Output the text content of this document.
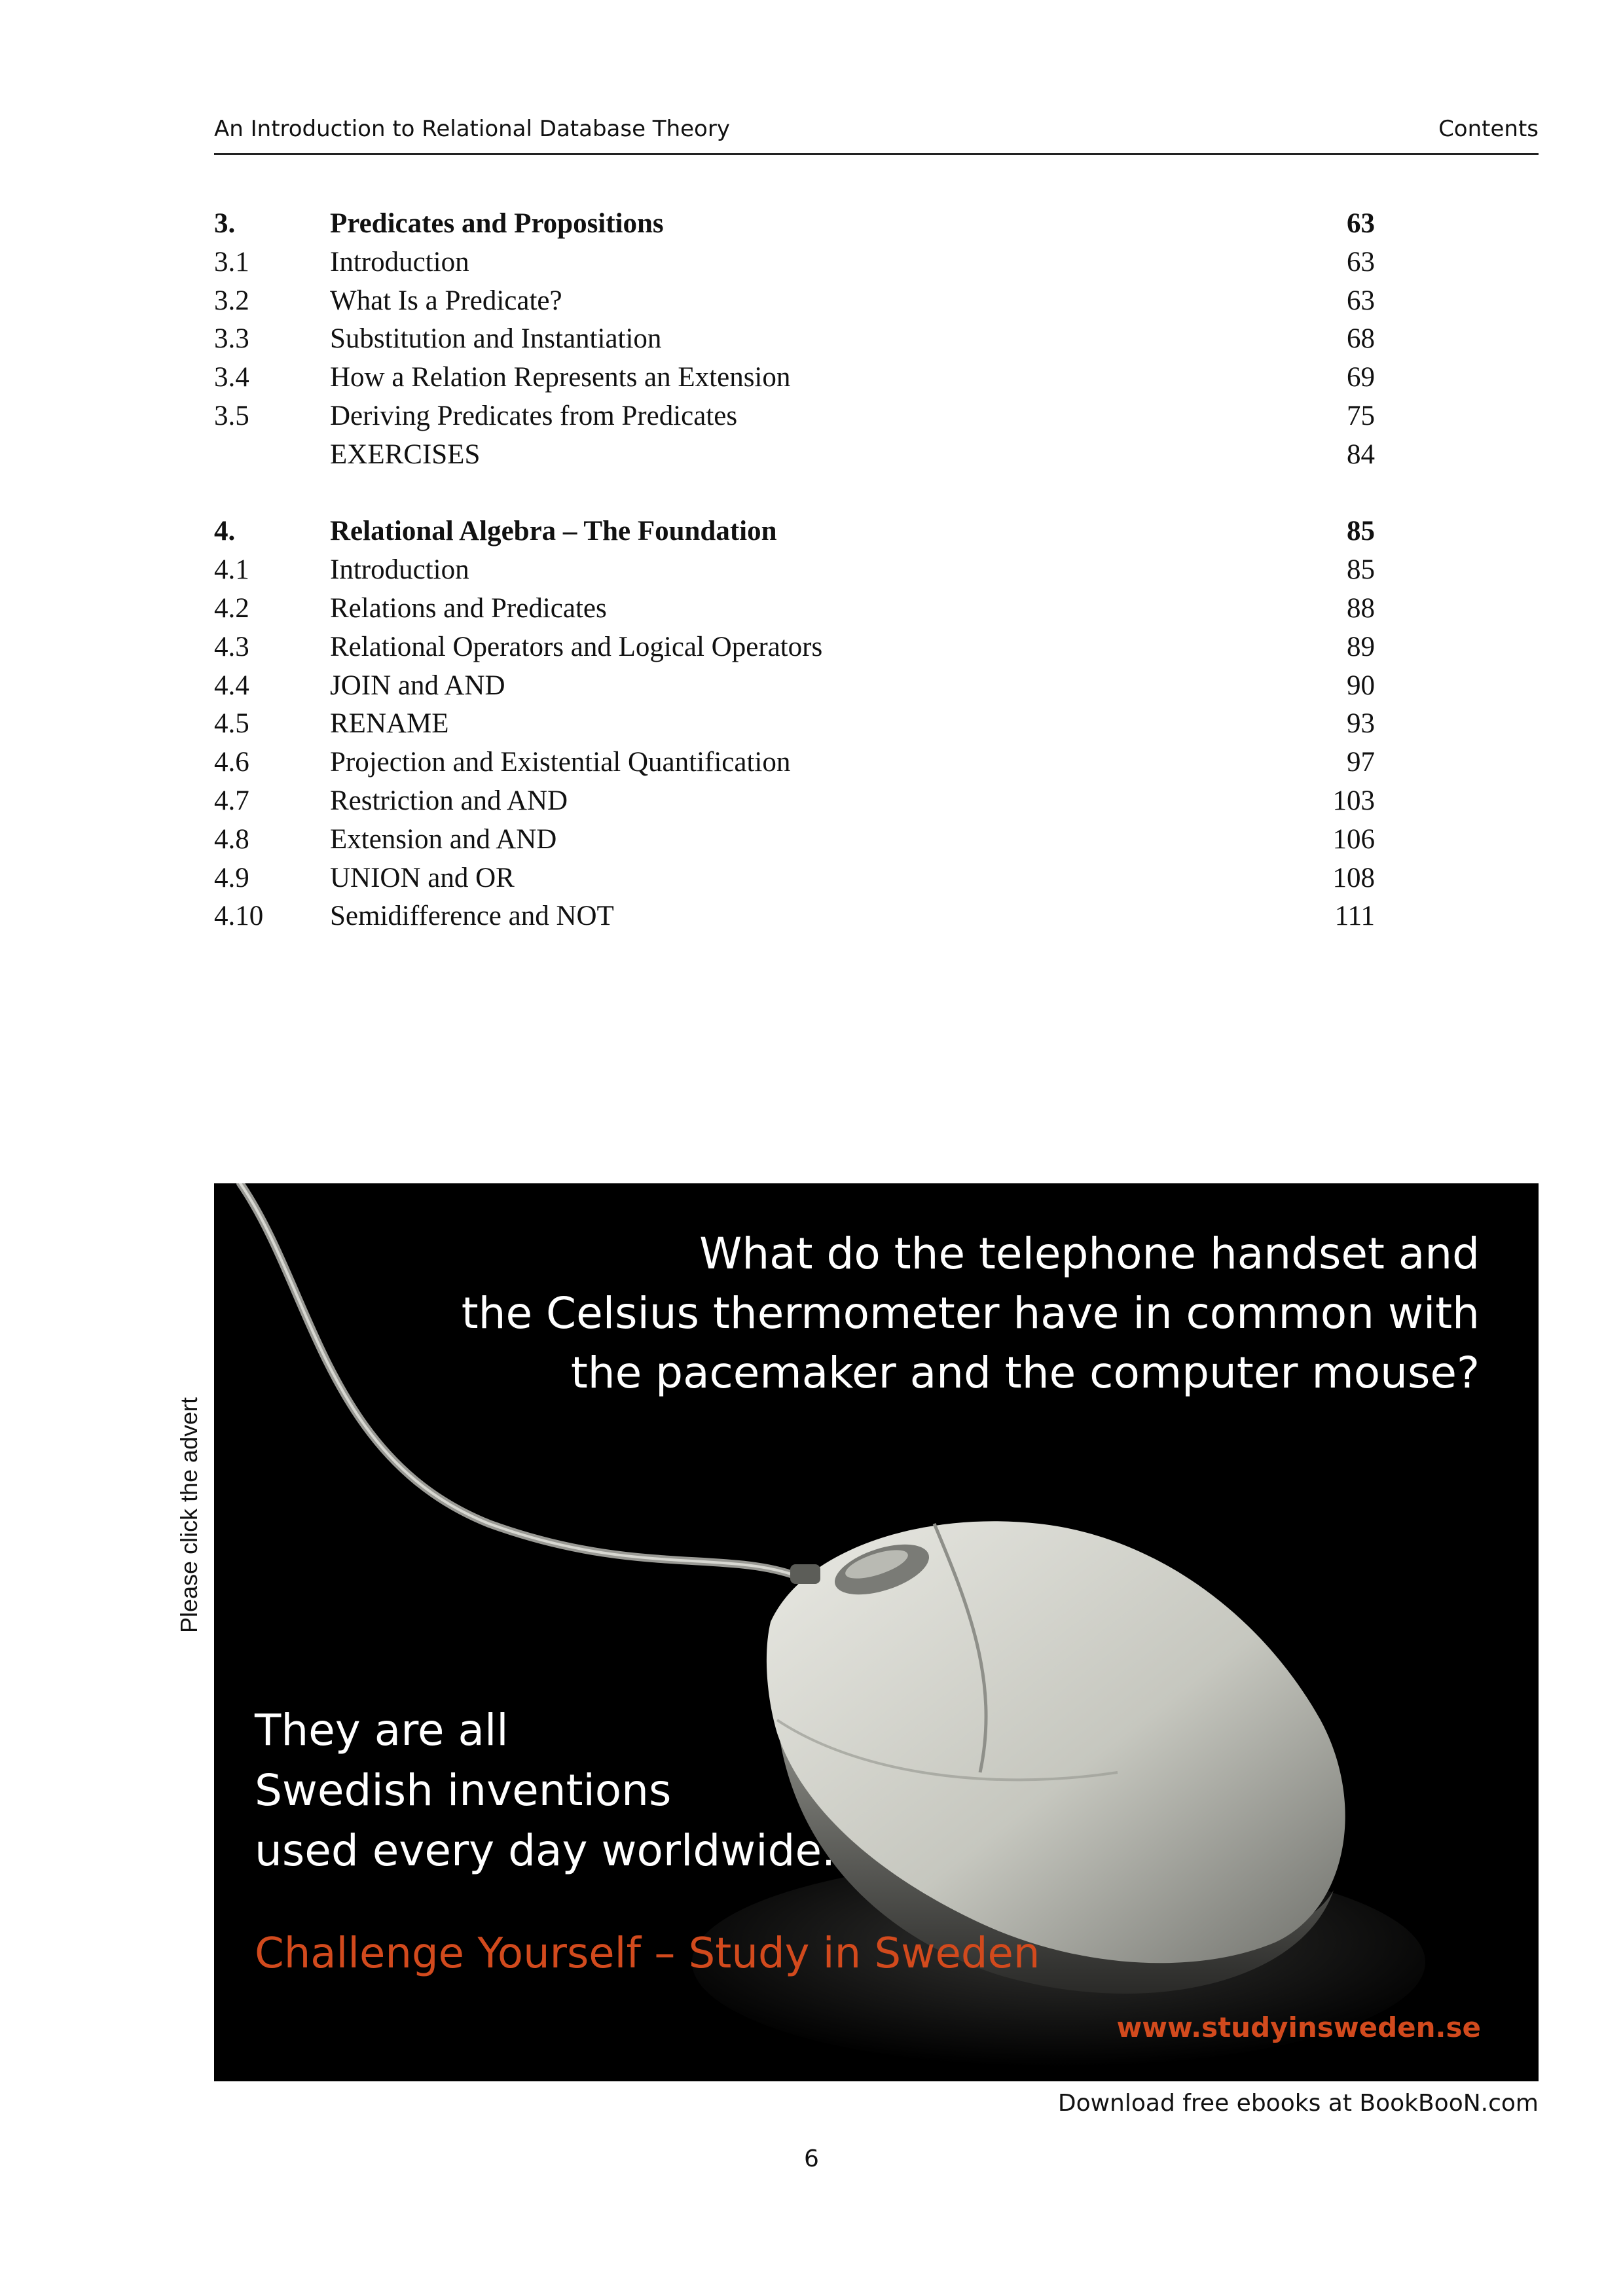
An Introduction to Relational Database Theory	Contents
3.	Predicates and Propositions	63
3.1	Introduction	63
3.2	What Is a Predicate?	63
3.3	Substitution and Instantiation	68
3.4	How a Relation Represents an Extension	69
3.5	Deriving Predicates from Predicates	75
EXERCISES	84
4.	Relational Algebra – The Foundation	85
4.1	Introduction	85
4.2	Relations and Predicates	88
4.3	Relational Operators and Logical Operators	89
4.4	JOIN and AND	90
4.5	RENAME	93
4.6	Projection and Existential Quantification	97
4.7	Restriction and AND	103
4.8	Extension and AND	106
4.9	UNION and OR	108
4.10 Semidifference and NOT	111
Please click the advert
What do the telephone handset and
the Celsius thermometer have in common with
the pacemaker and the computer mouse?
They are all
Swedish inventions
used every day worldwide.
Challenge Yourself – Study in Sweden
www.studyinsweden.se
Download free ebooks at BookBooN.com
6
